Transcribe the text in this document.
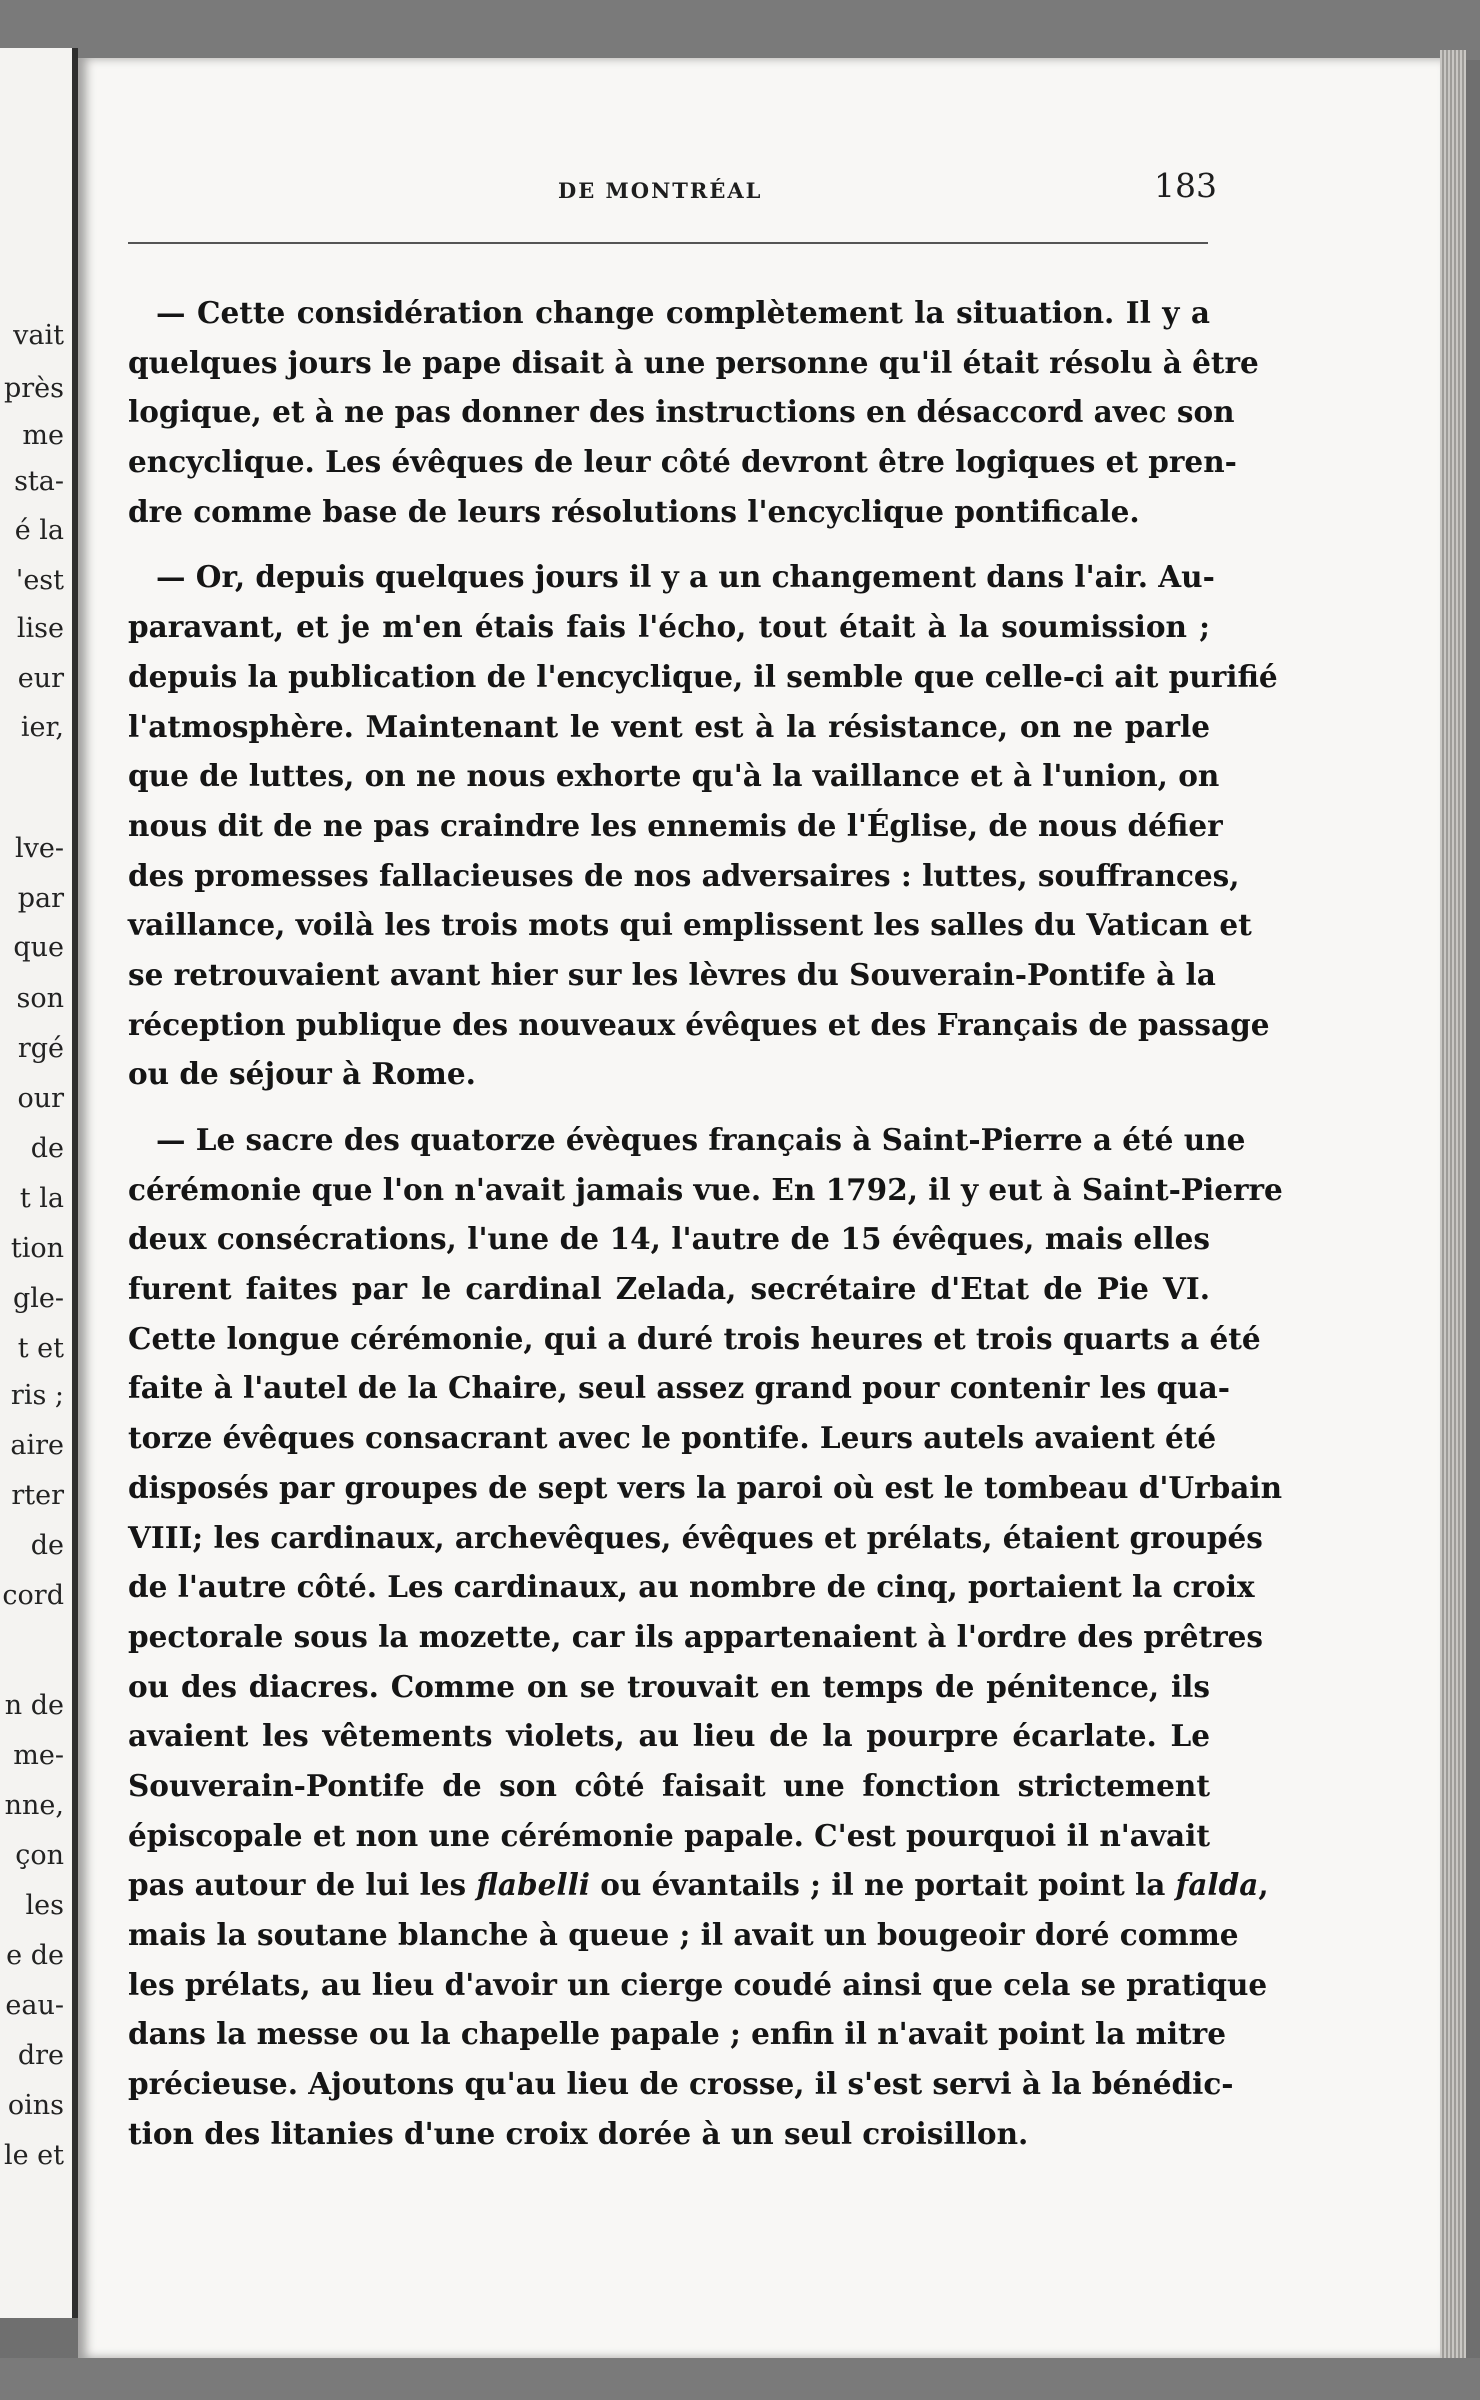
vait
près
me
sta-
é la
'est
lise
eur
ier,
lve-
par
que
son
rgé
our
de
t la
tion
gle-
t et
ris ;
aire
rter
de
cord
n de
me-
nne,
çon
les
e de
eau-
dre
oins
le et
DE MONTRÉAL	183
— Cette considération change complètement la situation. Il y a
quelques jours le pape disait à une personne qu'il était résolu à être
logique, et à ne pas donner des instructions en désaccord avec son
encyclique. Les évêques de leur côté devront être logiques et pren-
dre comme base de leurs résolutions l'encyclique pontificale.
— Or, depuis quelques jours il y a un changement dans l'air. Au-
paravant, et je m'en étais fais l'écho, tout était à la soumission ;
depuis la publication de l'encyclique, il semble que celle-ci ait purifié
l'atmosphère. Maintenant le vent est à la résistance, on ne parle
que de luttes, on ne nous exhorte qu'à la vaillance et à l'union, on
nous dit de ne pas craindre les ennemis de l'Église, de nous défier
des promesses fallacieuses de nos adversaires : luttes, souffrances,
vaillance, voilà les trois mots qui emplissent les salles du Vatican et
se retrouvaient avant hier sur les lèvres du Souverain-Pontife à la
réception publique des nouveaux évêques et des Français de passage
ou de séjour à Rome.
— Le sacre des quatorze évèques français à Saint-Pierre a été une
cérémonie que l'on n'avait jamais vue. En 1792, il y eut à Saint-Pierre
deux consécrations, l'une de 14, l'autre de 15 évêques, mais elles
furent faites par le cardinal Zelada, secrétaire d'Etat de Pie VI.
Cette longue cérémonie, qui a duré trois heures et trois quarts a été
faite à l'autel de la Chaire, seul assez grand pour contenir les qua-
torze évêques consacrant avec le pontife. Leurs autels avaient été
disposés par groupes de sept vers la paroi où est le tombeau d'Urbain
VIII; les cardinaux, archevêques, évêques et prélats, étaient groupés
de l'autre côté. Les cardinaux, au nombre de cinq, portaient la croix
pectorale sous la mozette, car ils appartenaient à l'ordre des prêtres
ou des diacres. Comme on se trouvait en temps de pénitence, ils
avaient les vêtements violets, au lieu de la pourpre écarlate. Le
Souverain-Pontife de son côté faisait une fonction strictement
épiscopale et non une cérémonie papale. C'est pourquoi il n'avait
pas autour de lui les flabelli ou évantails ; il ne portait point la falda,
mais la soutane blanche à queue ; il avait un bougeoir doré comme
les prélats, au lieu d'avoir un cierge coudé ainsi que cela se pratique
dans la messe ou la chapelle papale ; enfin il n'avait point la mitre
précieuse. Ajoutons qu'au lieu de crosse, il s'est servi à la bénédic-
tion des litanies d'une croix dorée à un seul croisillon.
